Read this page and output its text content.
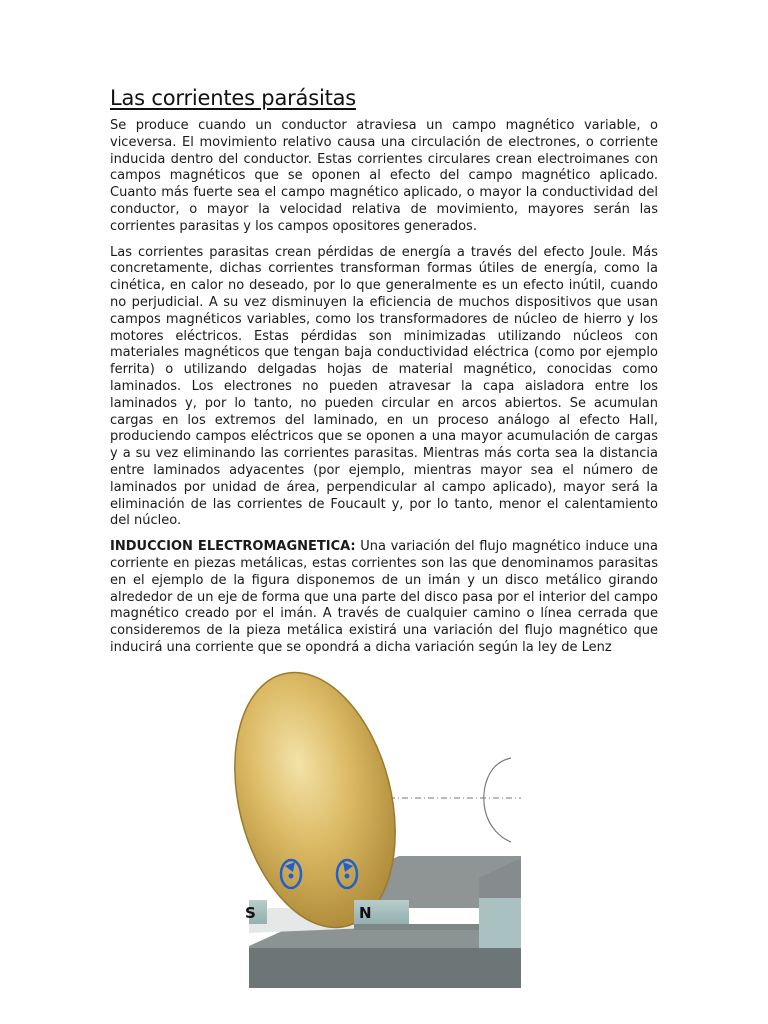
Las corrientes parásitas

Se produce cuando un conductor atraviesa un campo magnético variable, o viceversa. El movimiento relativo causa una circulación de electrones, o corriente inducida dentro del conductor. Estas corrientes circulares crean electroimanes con campos magnéticos que se oponen al efecto del campo magnético aplicado. Cuanto más fuerte sea el campo magnético aplicado, o mayor la conductividad del conductor, o mayor la velocidad relativa de movimiento, mayores serán las corrientes parasitas y los campos opositores generados.

Las corrientes parasitas crean pérdidas de energía a través del efecto Joule. Más concretamente, dichas corrientes transforman formas útiles de energía, como la cinética, en calor no deseado, por lo que generalmente es un efecto inútil, cuando no perjudicial. A su vez disminuyen la eficiencia de muchos dispositivos que usan campos magnéticos variables, como los transformadores de núcleo de hierro y los motores eléctricos. Estas pérdidas son minimizadas utilizando núcleos con materiales magnéticos que tengan baja conductividad eléctrica (como por ejemplo ferrita) o utilizando delgadas hojas de material magnético, conocidas como laminados. Los electrones no pueden atravesar la capa aisladora entre los laminados y, por lo tanto, no pueden circular en arcos abiertos. Se acumulan cargas en los extremos del laminado, en un proceso análogo al efecto Hall, produciendo campos eléctricos que se oponen a una mayor acumulación de cargas y a su vez eliminando las corrientes parasitas. Mientras más corta sea la distancia entre laminados adyacentes (por ejemplo, mientras mayor sea el número de laminados por unidad de área, perpendicular al campo aplicado), mayor será la eliminación de las corrientes de Foucault y, por lo tanto, menor el calentamiento del núcleo.

INDUCCION ELECTROMAGNETICA: Una variación del flujo magnético induce una corriente en piezas metálicas, estas corrientes son las que denominamos parasitas en el ejemplo de la figura disponemos de un imán y un disco metálico girando alrededor de un eje de forma que una parte del disco pasa por el interior del campo magnético creado por el imán. A través de cualquier camino o línea cerrada que consideremos de la pieza metálica existirá una variación del flujo magnético que inducirá una corriente que se opondrá a dicha variación según la ley de Lenz

N
S
